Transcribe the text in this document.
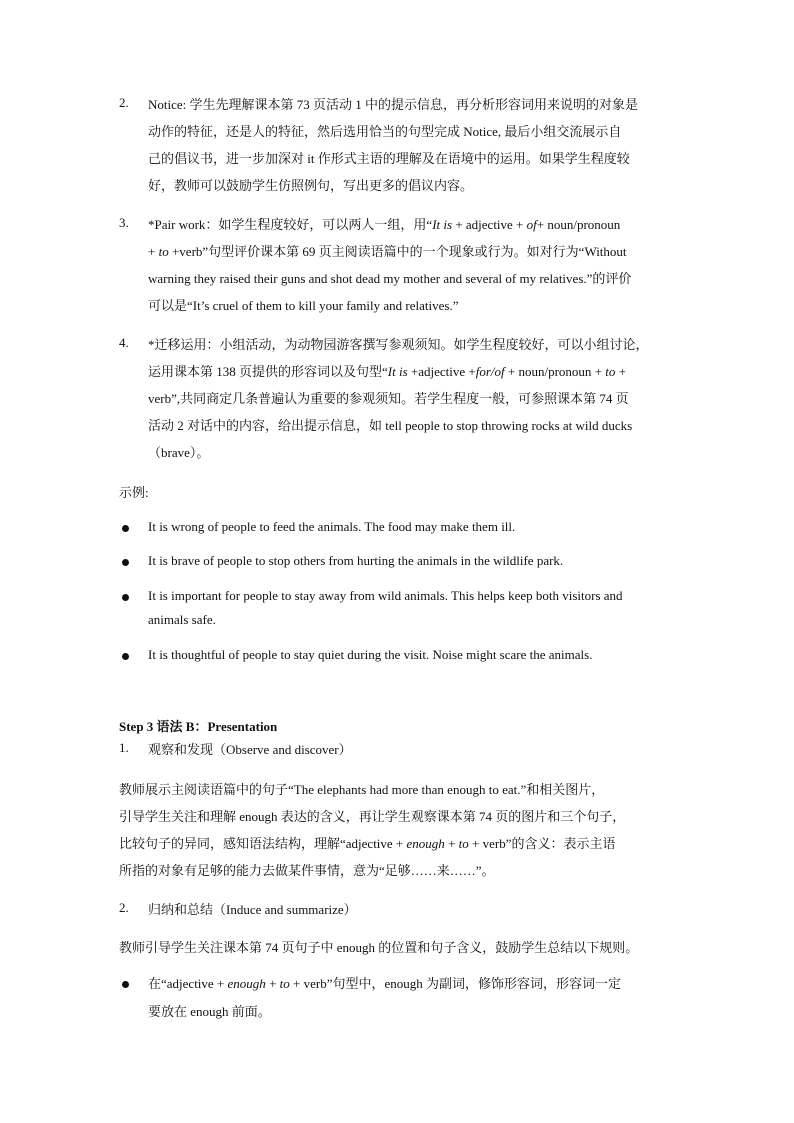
2.	Notice: 学生先理解课本第 73 页活动 1 中的提示信息，再分析形容词用来说明的对象是
动作的特征，还是人的特征，然后选用恰当的句型完成 Notice, 最后小组交流展示自
己的倡议书，进一步加深对 it 作形式主语的理解及在语境中的运用。如果学生程度较
好，教师可以鼓励学生仿照例句，写出更多的倡议内容。
3.	*Pair work：如学生程度较好，可以两人一组，用“It is + adjective + of+ noun/pronoun
+ to +verb”句型评价课本第 69 页主阅读语篇中的一个现象或行为。如对行为“Without
warning they raised their guns and shot dead my mother and several of my relatives.”的评价
可以是“It’s cruel of them to kill your family and relatives.”
4.	*迁移运用：小组活动，为动物园游客撰写参观须知。如学生程度较好，可以小组讨论，
运用课本第 138 页提供的形容词以及句型“It is +adjective +for/of + noun/pronoun + to +
verb”,共同商定几条普遍认为重要的参观须知。若学生程度一般，可参照课本第 74 页
活动 2 对话中的内容，给出提示信息，如 tell people to stop throwing rocks at wild ducks
（brave）。
示例:
It is wrong of people to feed the animals. The food may make them ill.
It is brave of people to stop others from hurting the animals in the wildlife park.
It is important for people to stay away from wild animals. This helps keep both visitors and
animals safe.
It is thoughtful of people to stay quiet during the visit. Noise might scare the animals.
Step 3 语法 B：Presentation
1.	观察和发现（Observe and discover）
教师展示主阅读语篇中的句子“The elephants had more than enough to eat.”和相关图片，
引导学生关注和理解 enough 表达的含义，再让学生观察课本第 74 页的图片和三个句子，
比较句子的异同，感知语法结构，理解“adjective + enough + to + verb”的含义：表示主语
所指的对象有足够的能力去做某件事情，意为“足够……来……”。
2.	归纳和总结（Induce and summarize）
教师引导学生关注课本第 74 页句子中 enough 的位置和句子含义，鼓励学生总结以下规则。
在“adjective + enough + to + verb”句型中，enough 为副词，修饰形容词，形容词一定
要放在 enough 前面。
